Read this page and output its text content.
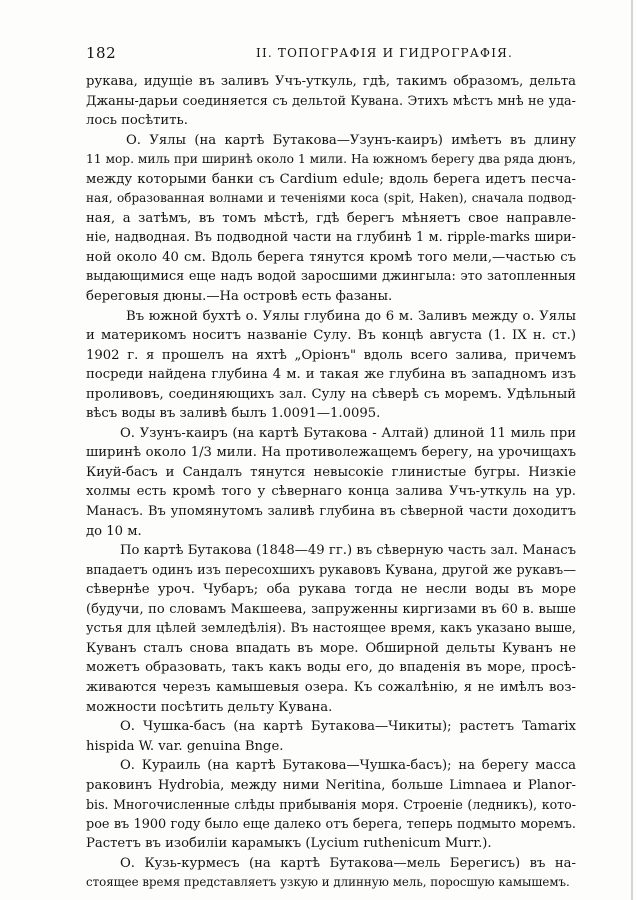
182	II. ТОПОГРАФІЯ И ГИДРОГРАФІЯ.
рукава, идущіе въ заливъ Учъ-уткуль, гдѣ, такимъ образомъ, дельта
Джаны-дарьи соединяется съ дельтой Кувана. Этихъ мѣстъ мнѣ не уда-
лось посѣтить.
О. Уялы (на картѣ Бутакова—Узунъ-каиръ) имѣетъ въ длину
11 мор. миль при ширинѣ около 1 мили. На южномъ берегу два ряда дюнъ,
между которыми банки съ Cardium edule; вдоль берега идетъ песча-
ная, образованная волнами и теченіями коса (spit, Haken), сначала подвод-
ная, а затѣмъ, въ томъ мѣстѣ, гдѣ берегъ мѣняетъ свое направле-
ніе, надводная. Въ подводной части на глубинѣ 1 м. ripple-marks шири-
ной около 40 см. Вдоль берега тянутся кромѣ того мели,—частью съ
выдающимися еще надъ водой заросшими джингыла: это затопленныя
береговыя дюны.—На островѣ есть фазаны.
Въ южной бухтѣ о. Уялы глубина до 6 м. Заливъ между о. Уялы
и материкомъ носитъ названіе Сулу. Въ концѣ августа (1. IX н. ст.)
1902 г. я прошелъ на яхтѣ „Оріонъ" вдоль всего залива, причемъ
посреди найдена глубина 4 м. и такая же глубина въ западномъ изъ
проливовъ, соединяющихъ зал. Сулу на сѣверѣ съ моремъ. Удѣльный
вѣсъ воды въ заливѣ былъ 1.0091—1.0095.
О. Узунъ-каиръ (на картѣ Бутакова - Алтай) длиной 11 миль при
ширинѣ около 1/3 мили. На противолежащемъ берегу, на урочищахъ
Киуй-басъ и Сандалъ тянутся невысокіе глинистые бугры. Низкіе
холмы есть кромѣ того у сѣвернаго конца залива Учъ-уткуль на ур.
Манасъ. Въ упомянутомъ заливѣ глубина въ сѣверной части доходитъ
до 10 м.
По картѣ Бутакова (1848—49 гг.) въ сѣверную часть зал. Манасъ
впадаетъ одинъ изъ пересохшихъ рукавовъ Кувана, другой же рукавъ—
сѣвернѣе уроч. Чубаръ; оба рукава тогда не несли воды въ море
(будучи, по словамъ Макшеева, запруженны киргизами въ 60 в. выше
устья для цѣлей земледѣлія). Въ настоящее время, какъ указано выше,
Куванъ сталъ снова впадать въ море. Обширной дельты Куванъ не
можетъ образовать, такъ какъ воды его, до впаденія въ море, просѣ-
живаются черезъ камышевыя озера. Къ сожалѣнію, я не имѣлъ воз-
можности посѣтить дельту Кувана.
О. Чушка-басъ (на картѣ Бутакова—Чикиты); растетъ Tamarix
hispida W. var. genuina Bnge.
О. Кураиль (на картѣ Бутакова—Чушка-басъ); на берегу масса
раковинъ Hydrobia, между ними Neritina, больше Limnaea и Planor-
bis. Многочисленные слѣды прибыванія моря. Строеніе (ледникъ), кото-
рое въ 1900 году было еще далеко отъ берега, теперь подмыто моремъ.
Растетъ въ изобиліи карамыкъ (Lycium ruthenicum Murr.).
О. Кузь-курмесъ (на картѣ Бутакова—мель Берегисъ) въ на-
стоящее время представляетъ узкую и длинную мель, поросшую камышемъ.
